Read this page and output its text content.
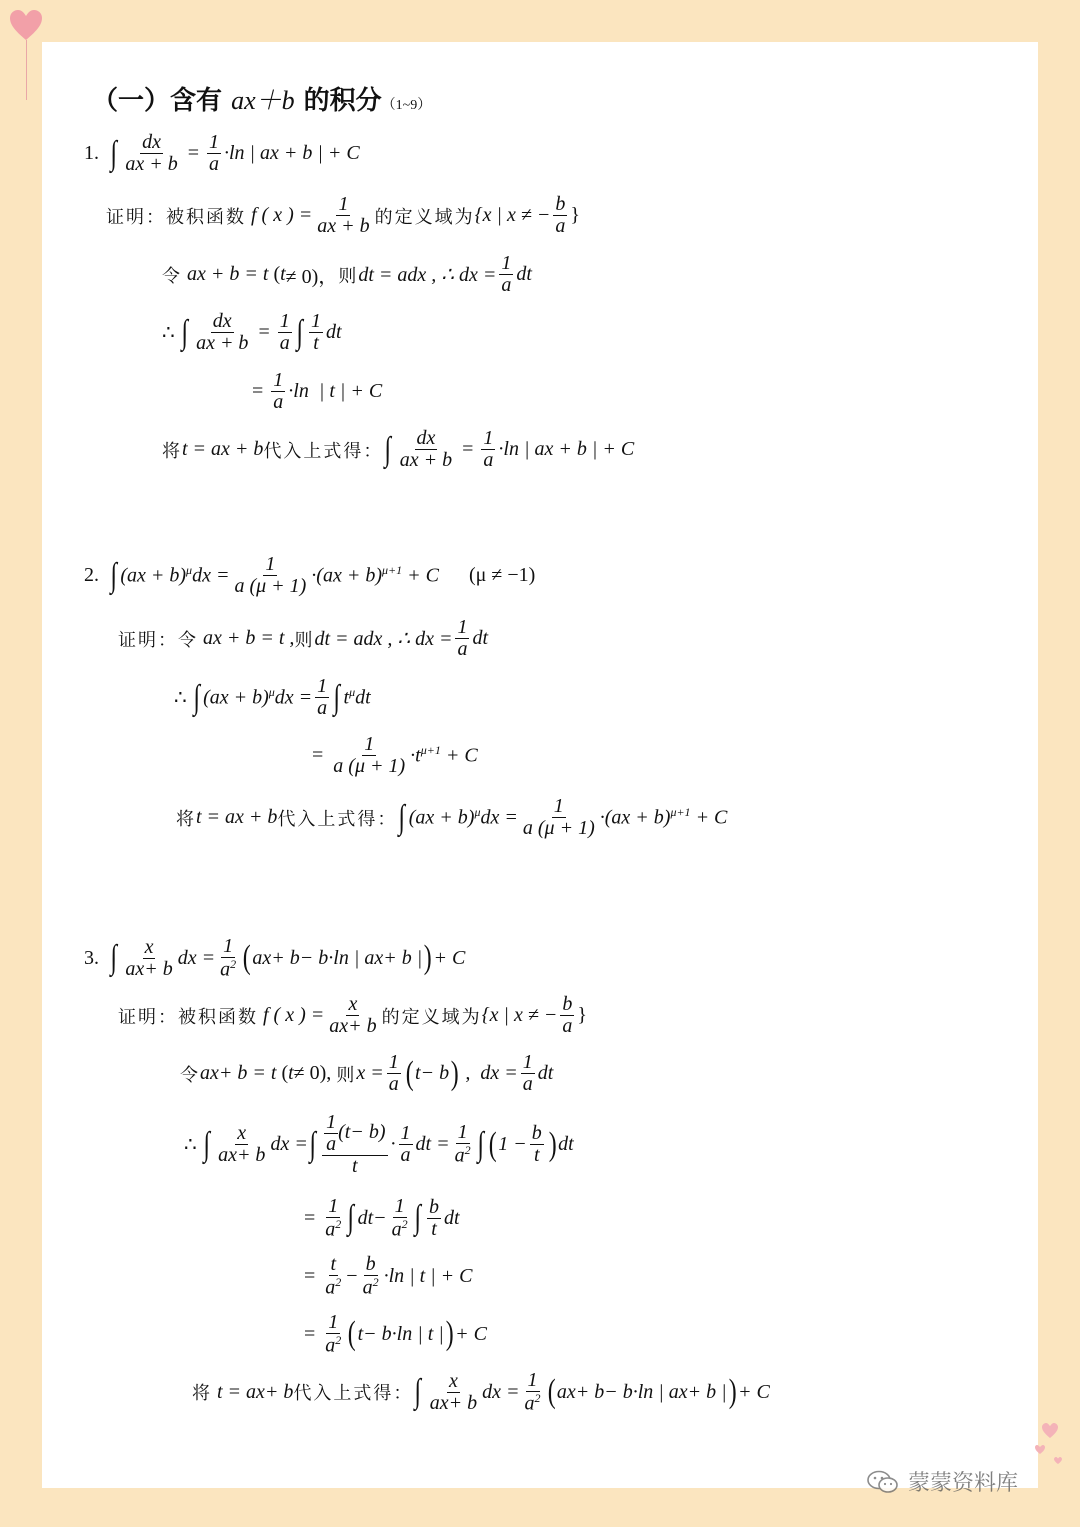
（一）含有 ax＋b 的积分（1~9）
1. ∫ $\frac{dx}{ax + b} = \frac{1}{a} \cdot\ln$ | ax + b | + C
证明： 被积函数 f ( x ) = $\frac{1}{ax + b}$ 的定义域为 {x | x ≠ − $\frac{b}{a}$ }
令 ax + b = t ( t ≠ 0)， 则 dt = adx , ∴ dx = $\frac{1}{a}$ dt
∴
∫ $\frac{dx}{ax + b} = \frac{1}{a}$ ∫ $\frac{1}{t}$ dt
= $\frac{1}{a} \cdot\ln$  | t | + C
将 t = ax + b 代入上式得： ∫ $\frac{dx}{ax + b} = \frac{1}{a} \cdot\ln$ | ax + b | + C
2. ∫ $(ax + b)^\mu dx = \frac{1}{a (\mu + 1)} \cdot(ax + b)^{\mu+1} + C$ (μ ≠ −1)
证明： 令 ax + b = t , 则 dt = adx , ∴ dx = $\frac{1}{a}$ dt
∴
∫ $(ax + b)^\mu dx = \frac{1}{a}$ ∫ $t^\mu dt$
= $\frac{1}{a (\mu + 1)} \cdot t^{\mu+1} + C$
将 t = ax + b 代入上式得： ∫ $(ax + b)^\mu dx = \frac{1}{a (\mu + 1)} \cdot(ax + b)^{\mu+1} + C$
3. ∫ $\frac{x}{ax+ b}$ dx = $\frac{1}{a^2}$ ( ax+ b− b·ln | ax+ b | ) + C
证明： 被积函数 f ( x ) = $\frac{x}{ax+ b}$ 的定义域为 {x | x ≠ − $\frac{b}{a}$ }
令 ax+ b = t ( t ≠ 0), 则 $x = \frac{1}{a}$ ( t− b ) ,  dx = $\frac{1}{a}$ dt
∴
∫ $\frac{x}{ax+ b}$ dx = ∫ $\frac{\frac{1}{a} (t- b)}{t} \cdot \frac{1}{a}$ dt = $\frac{1}{a^2}$ ∫ ( $1 - \frac{b}{t}$ ) dt
= $\frac{1}{a^2}$ ∫ $dt- \frac{1}{a^2}$ ∫ $\frac{b}{t}$ dt
= $\frac{t}{a^2} - \frac{b}{a^2} \cdot\ln$ | t | + C
= $\frac{1}{a^2}$ ( t− b·ln | t | ) + C
将 t = ax+ b 代入上式得： ∫ $\frac{x}{ax+ b}$ dx = $\frac{1}{a^2}$ ( ax+ b− b·ln | ax+ b | ) + C
蒙蒙资料库
